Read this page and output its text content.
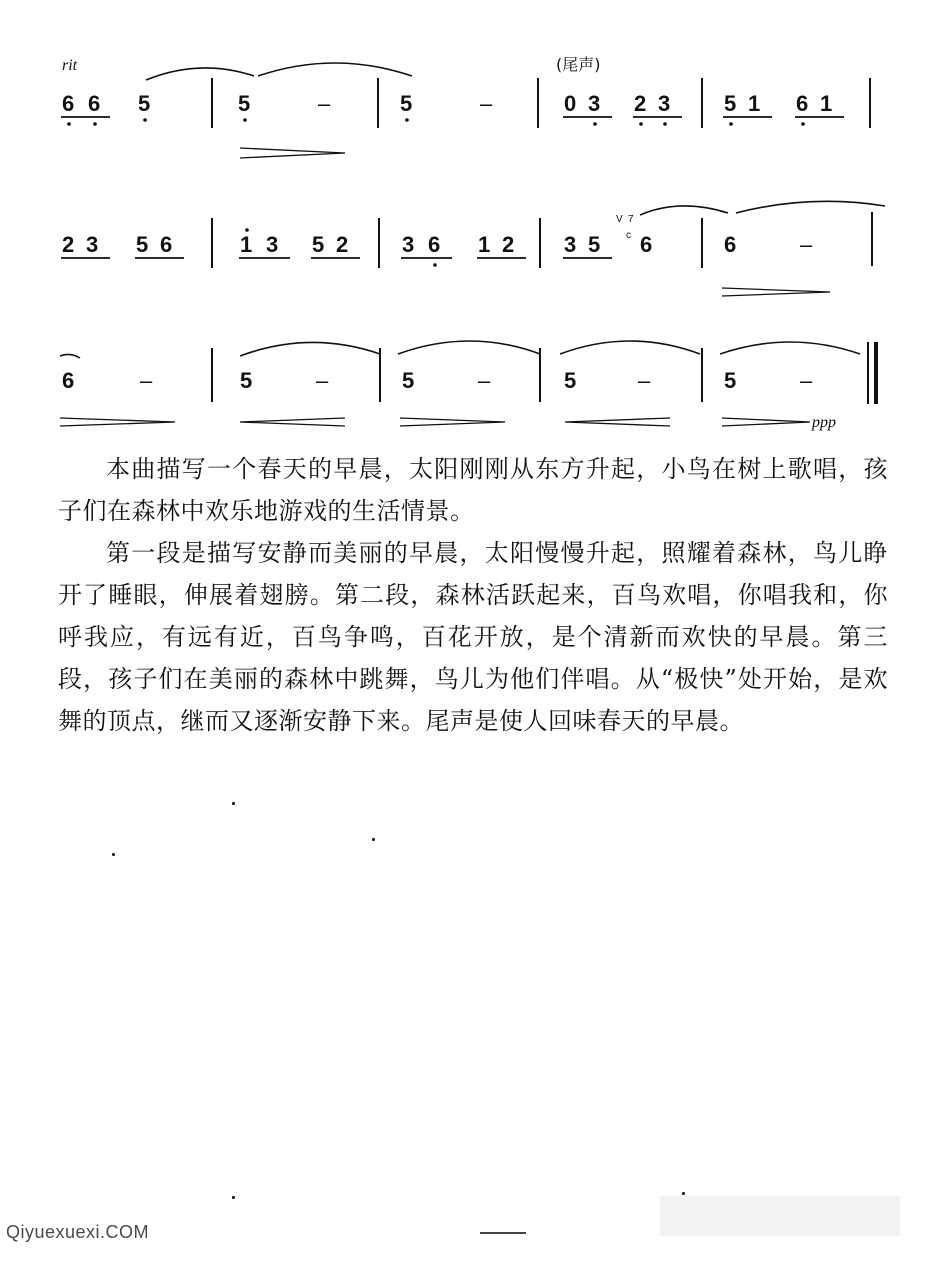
rit	(尾声)
6 6 5	5	–	5	–	0 3 2 3 5 1 6 1
V 7
c
2 3 5 6	1 3 5 2 3 6 1 2 3 5 6	6	–
6	–	5	–	5	–	5	–	5	–
ppp

本曲描写一个春天的早晨，太阳刚刚从东方升起，小鸟在树上歌唱，孩子们在森林中欢乐地游戏的生活情景。

第一段是描写安静而美丽的早晨，太阳慢慢升起，照耀着森林，鸟儿睁开了睡眼，伸展着翅膀。第二段，森林活跃起来，百鸟欢唱，你唱我和，你呼我应，有远有近，百鸟争鸣，百花开放，是个清新而欢快的早晨。第三段，孩子们在美丽的森林中跳舞，鸟儿为他们伴唱。从“极快”处开始，是欢舞的顶点，继而又逐渐安静下来。尾声是使人回味春天的早晨。

Qiyuexuexi.COM
